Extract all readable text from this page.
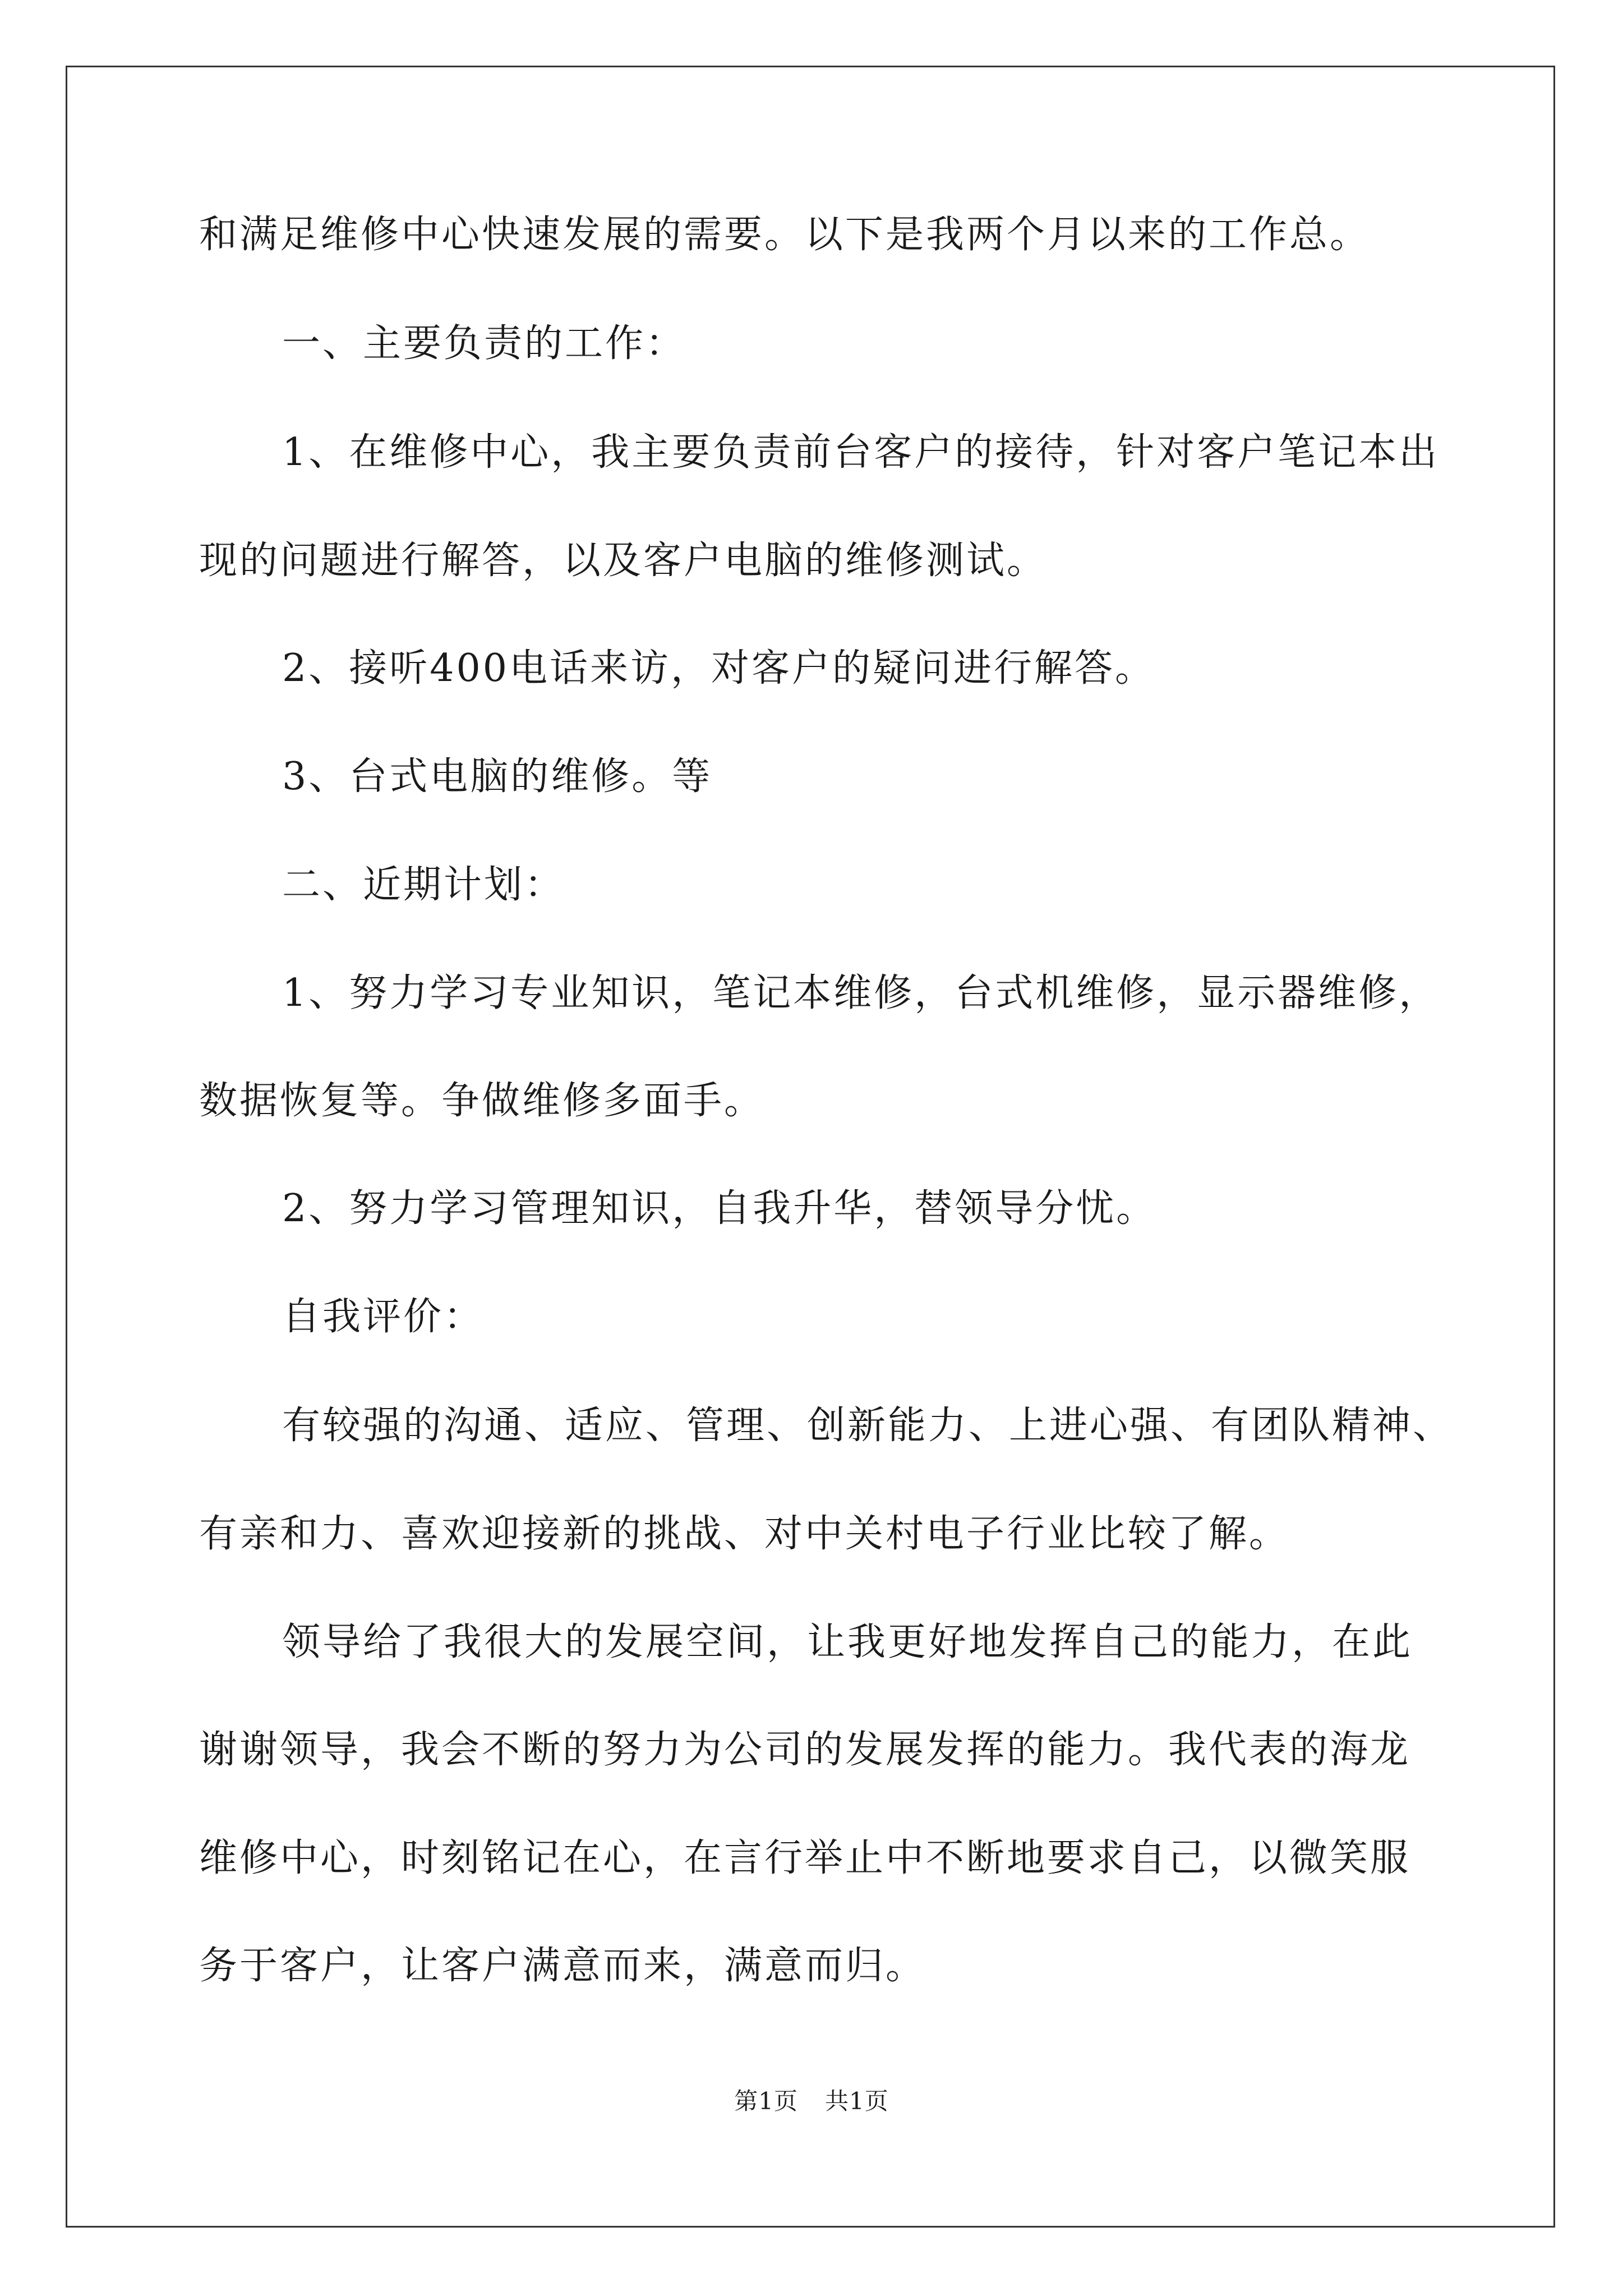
和满足维修中心快速发展的需要。以下是我两个月以来的工作总。
一、主要负责的工作：
1、在维修中心，我主要负责前台客户的接待，针对客户笔记本出
现的问题进行解答，以及客户电脑的维修测试。
2、接听400电话来访，对客户的疑问进行解答。
3、台式电脑的维修。等
二、近期计划：
1、努力学习专业知识，笔记本维修，台式机维修，显示器维修，
数据恢复等。争做维修多面手。
2、努力学习管理知识，自我升华，替领导分忧。
自我评价：
有较强的沟通、适应、管理、创新能力、上进心强、有团队精神、
有亲和力、喜欢迎接新的挑战、对中关村电子行业比较了解。
领导给了我很大的发展空间，让我更好地发挥自己的能力，在此
谢谢领导，我会不断的努力为公司的发展发挥的能力。我代表的海龙
维修中心，时刻铭记在心，在言行举止中不断地要求自己，以微笑服
务于客户，让客户满意而来，满意而归。
第1页 共1页
